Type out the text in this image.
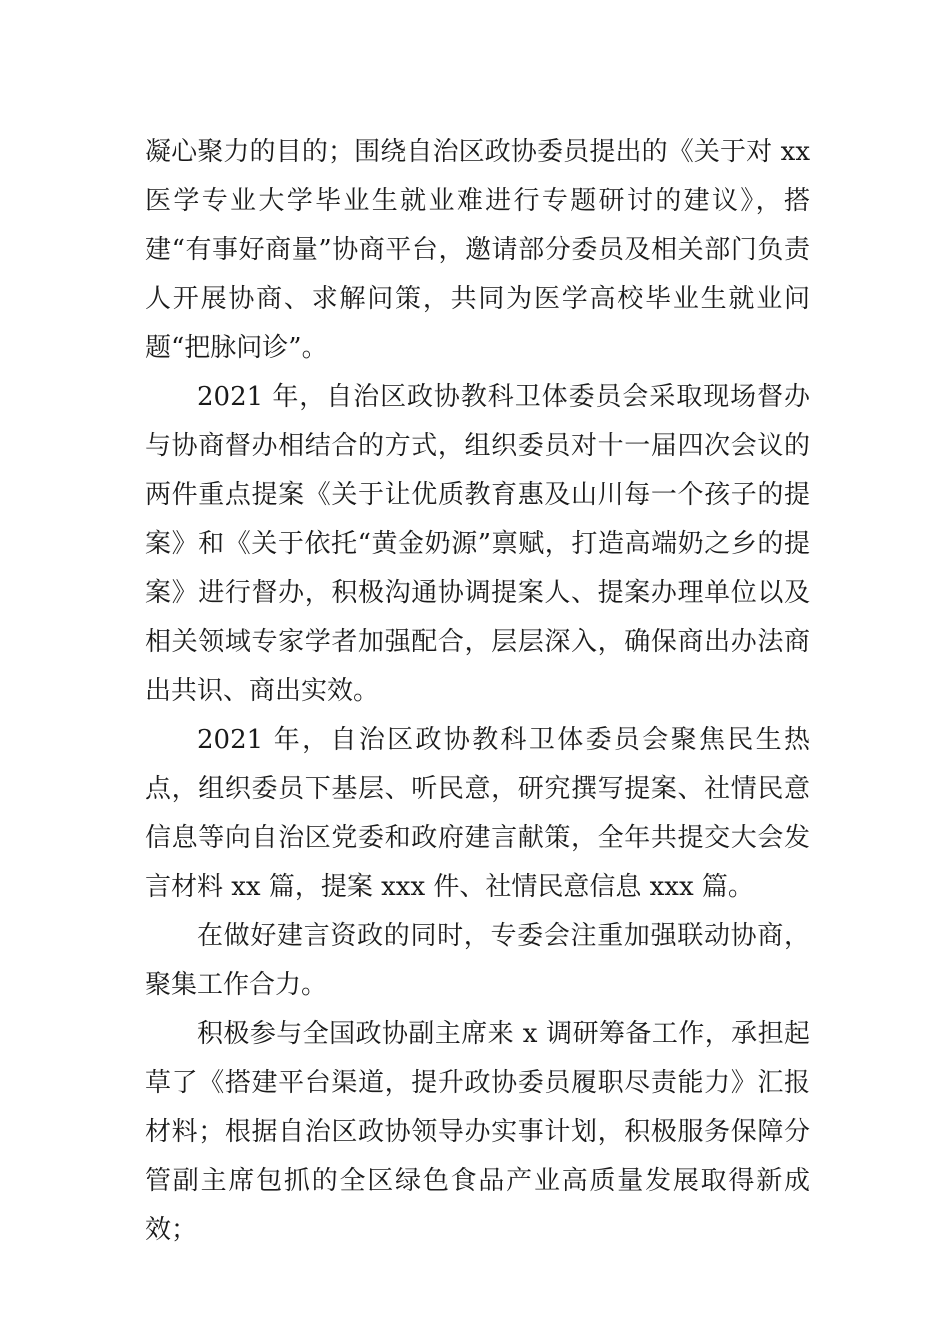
凝心聚力的目的；围绕自治区政协委员提出的《关于对 xx 医学专业大学毕业生就业难进行专题研讨的建议》，搭建“有事好商量”协商平台，邀请部分委员及相关部门负责人开展协商、求解问策，共同为医学高校毕业生就业问题“把脉问诊”。

2021 年，自治区政协教科卫体委员会采取现场督办与协商督办相结合的方式，组织委员对十一届四次会议的两件重点提案《关于让优质教育惠及山川每一个孩子的提案》和《关于依托“黄金奶源”禀赋，打造高端奶之乡的提案》进行督办，积极沟通协调提案人、提案办理单位以及相关领域专家学者加强配合，层层深入，确保商出办法商出共识、商出实效。

2021 年，自治区政协教科卫体委员会聚焦民生热点，组织委员下基层、听民意，研究撰写提案、社情民意信息等向自治区党委和政府建言献策，全年共提交大会发言材料 xx 篇，提案 xxx 件、社情民意信息 xxx 篇。

在做好建言资政的同时，专委会注重加强联动协商，聚集工作合力。

积极参与全国政协副主席来 x 调研筹备工作，承担起草了《搭建平台渠道，提升政协委员履职尽责能力》汇报材料；根据自治区政协领导办实事计划，积极服务保障分管副主席包抓的全区绿色食品产业高质量发展取得新成效；
